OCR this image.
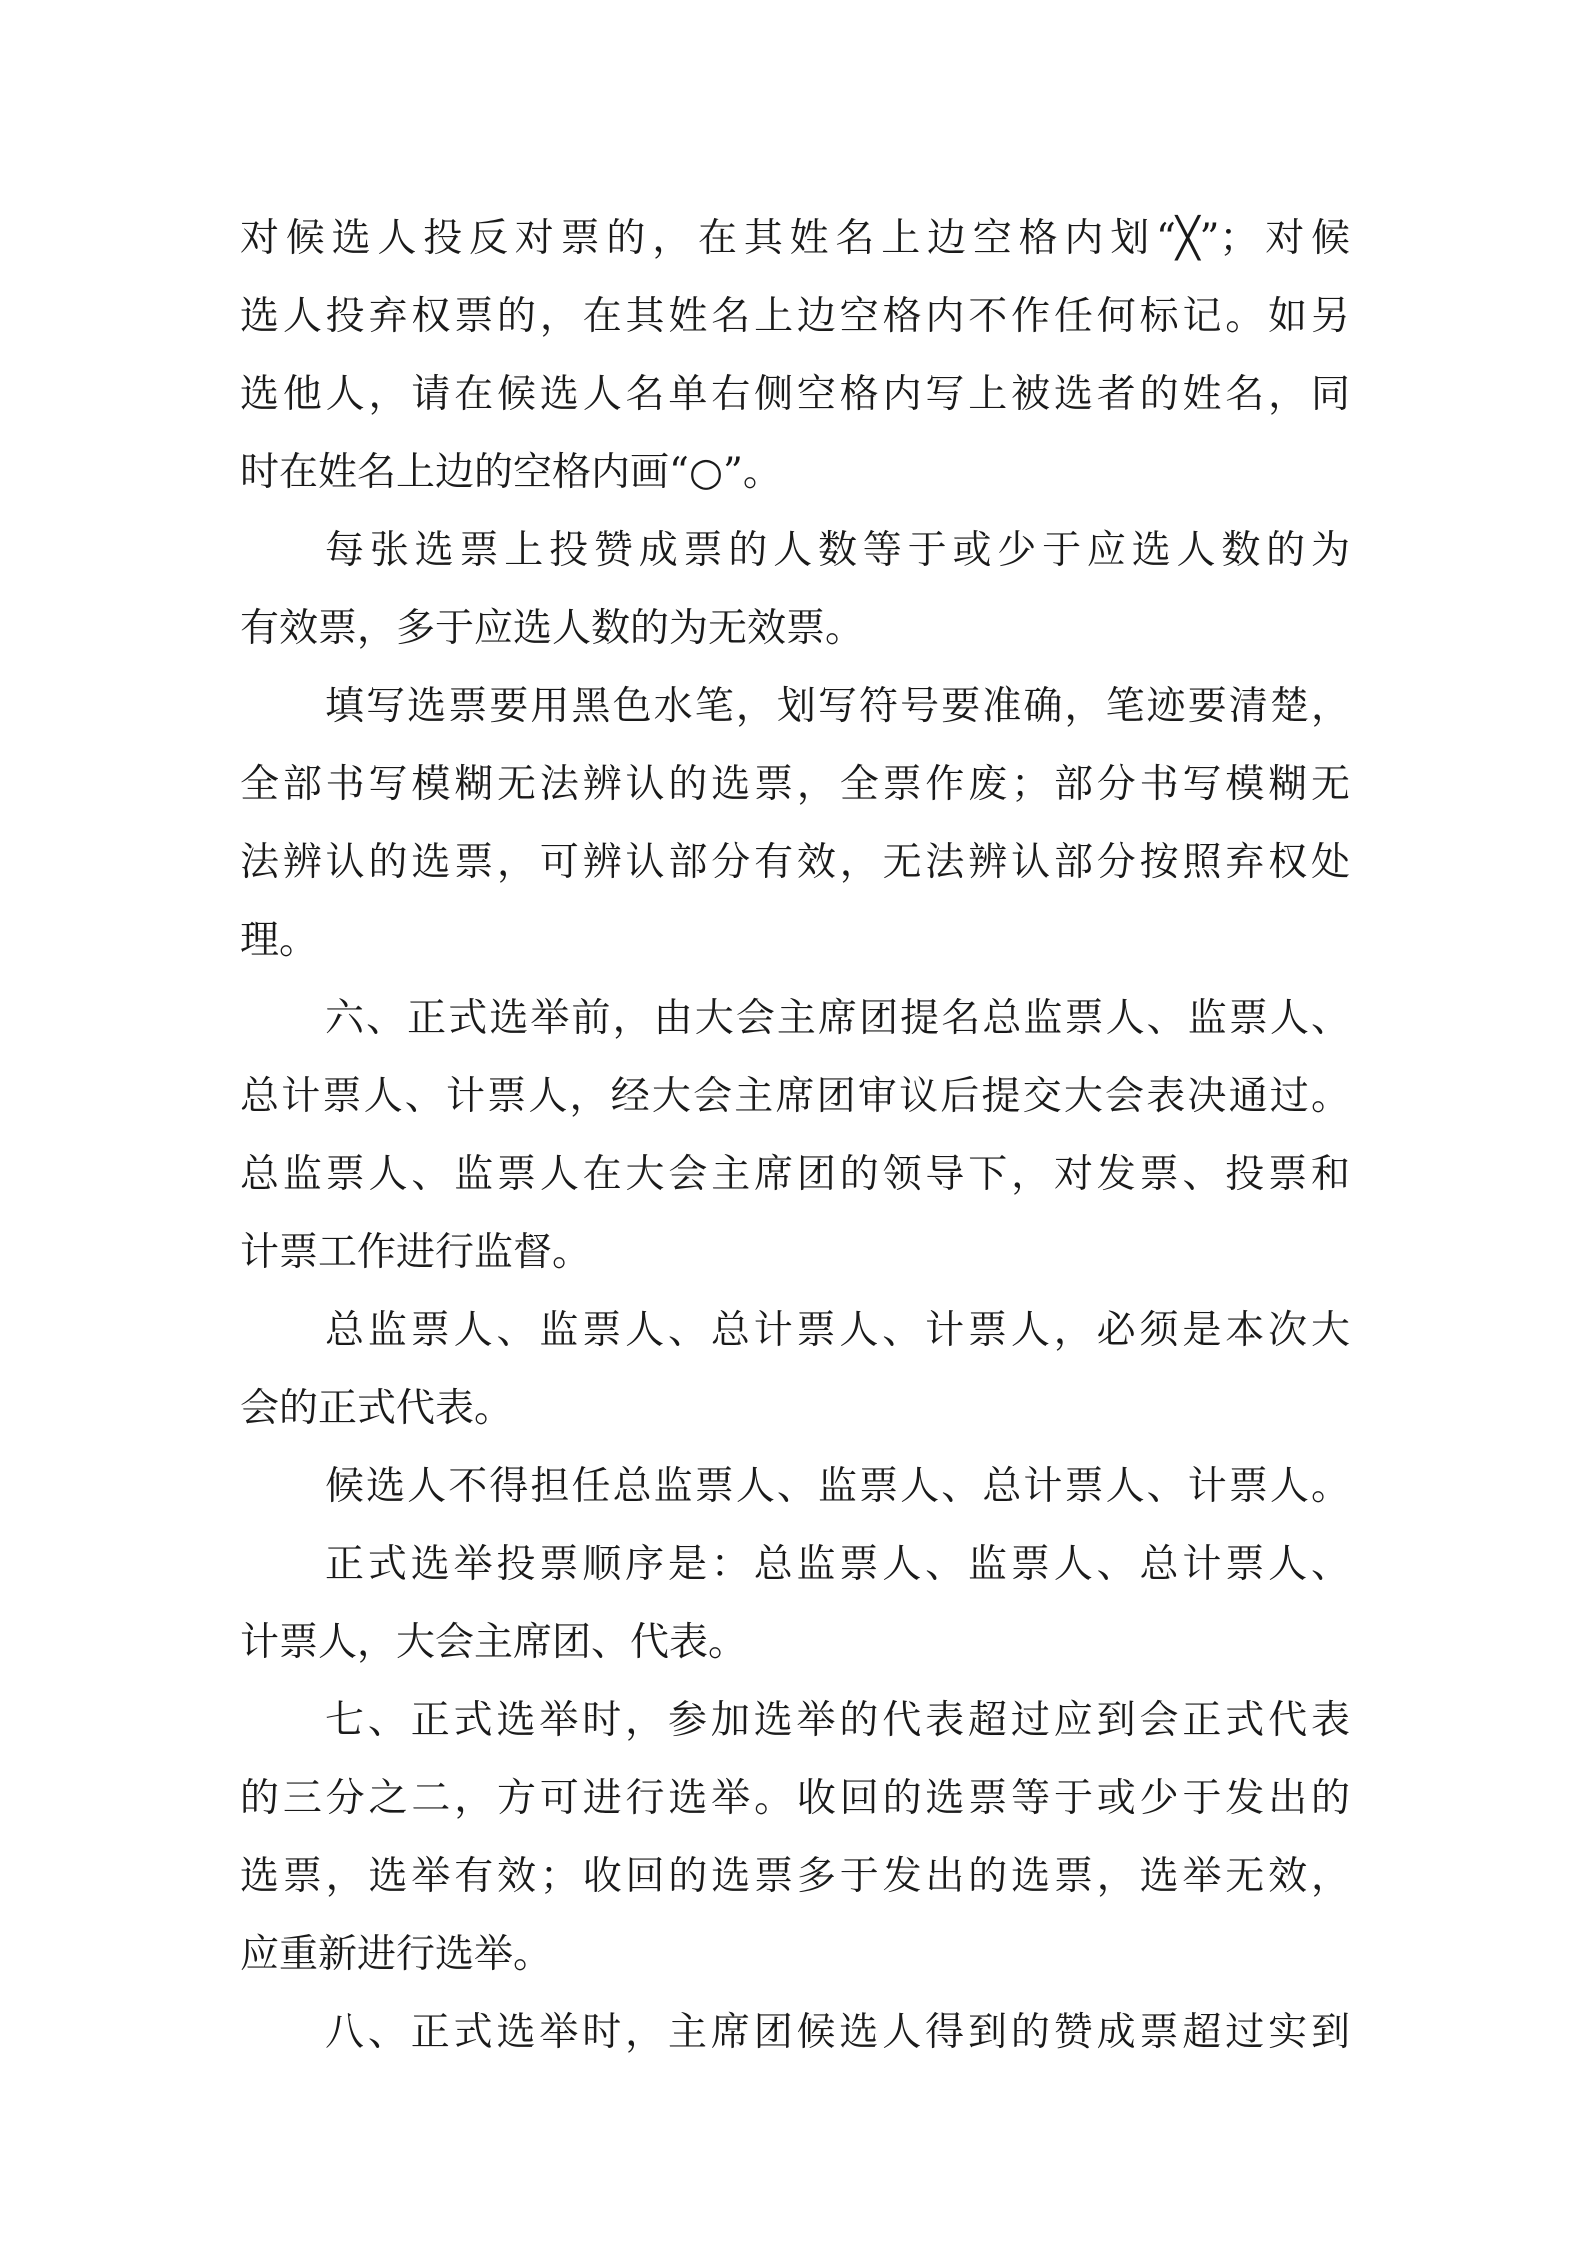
对候选人投反对票的，在其姓名上边空格内划“╳”；对候
选人投弃权票的，在其姓名上边空格内不作任何标记。如另
选他人，请在候选人名单右侧空格内写上被选者的姓名，同
时在姓名上边的空格内画“○”。
每张选票上投赞成票的人数等于或少于应选人数的为
有效票，多于应选人数的为无效票。
填写选票要用黑色水笔，划写符号要准确，笔迹要清楚，
全部书写模糊无法辨认的选票，全票作废；部分书写模糊无
法辨认的选票，可辨认部分有效，无法辨认部分按照弃权处
理。
六、正式选举前，由大会主席团提名总监票人、监票人、
总计票人、计票人，经大会主席团审议后提交大会表决通过。
总监票人、监票人在大会主席团的领导下，对发票、投票和
计票工作进行监督。
总监票人、监票人、总计票人、计票人，必须是本次大
会的正式代表。
候选人不得担任总监票人、监票人、总计票人、计票人。
正式选举投票顺序是：总监票人、监票人、总计票人、
计票人，大会主席团、代表。
七、正式选举时，参加选举的代表超过应到会正式代表
的三分之二，方可进行选举。收回的选票等于或少于发出的
选票，选举有效；收回的选票多于发出的选票，选举无效，
应重新进行选举。
八、正式选举时，主席团候选人得到的赞成票超过实到
